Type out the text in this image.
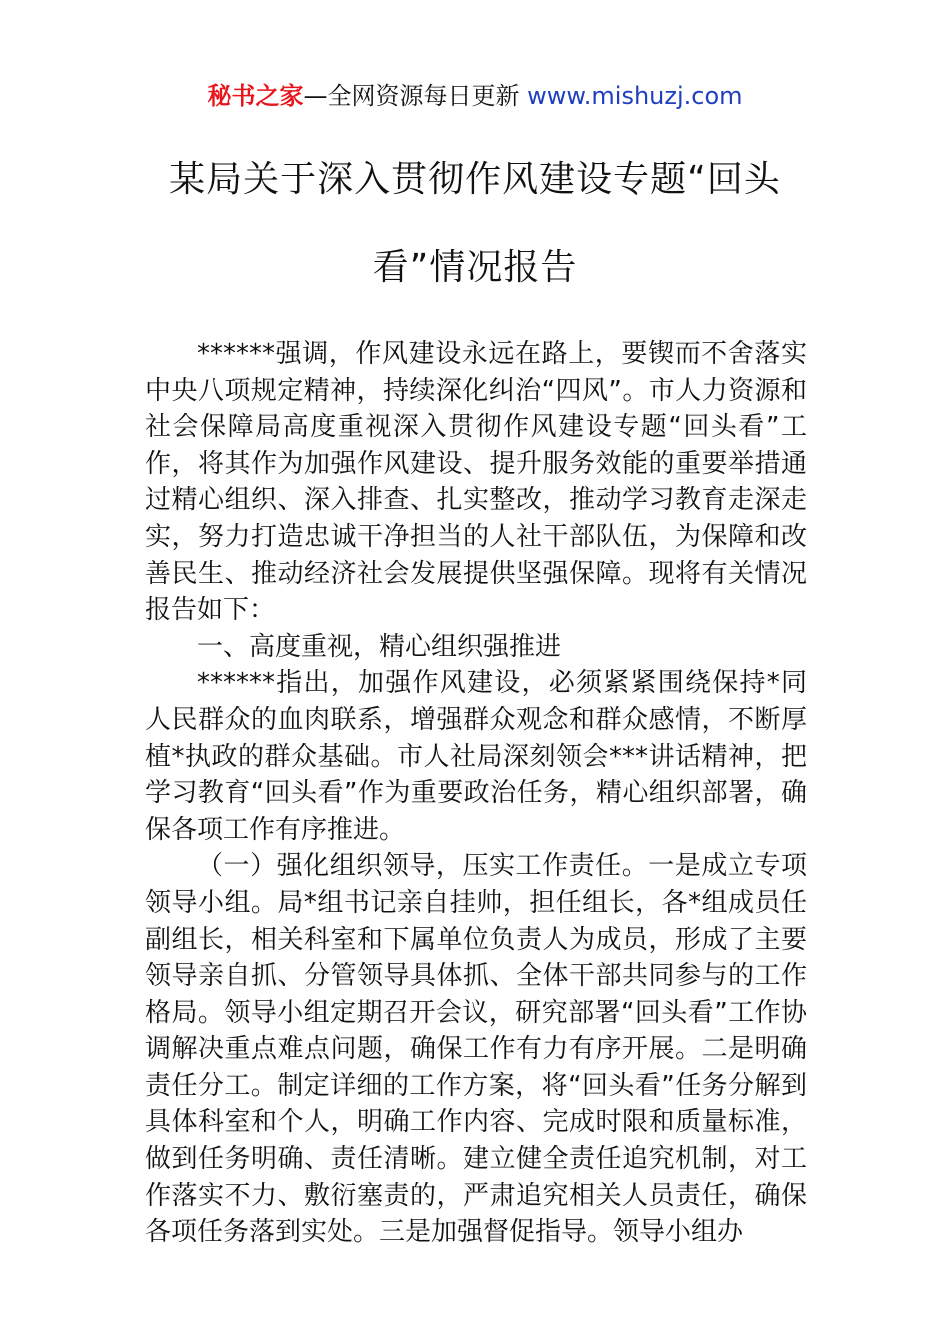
秘书之家—全网资源每日更新 www.mishuzj.com
某局关于深入贯彻作风建设专题“回头
看”情况报告

******强调，作风建设永远在路上，要锲而不舍落实中央八项规定精神，持续深化纠治“四风”。市人力资源和社会保障局高度重视深入贯彻作风建设专题“回头看”工作，将其作为加强作风建设、提升服务效能的重要举措通过精心组织、深入排查、扎实整改，推动学习教育走深走实，努力打造忠诚干净担当的人社干部队伍，为保障和改善民生、推动经济社会发展提供坚强保障。现将有关情况报告如下：

一、高度重视，精心组织强推进

******指出，加强作风建设，必须紧紧围绕保持*同人民群众的血肉联系，增强群众观念和群众感情，不断厚植*执政的群众基础。市人社局深刻领会***讲话精神，把学习教育“回头看”作为重要政治任务，精心组织部署，确保各项工作有序推进。

（一）强化组织领导，压实工作责任。一是成立专项领导小组。局*组书记亲自挂帅，担任组长，各*组成员任副组长，相关科室和下属单位负责人为成员，形成了主要领导亲自抓、分管领导具体抓、全体干部共同参与的工作格局。领导小组定期召开会议，研究部署“回头看”工作协调解决重点难点问题，确保工作有力有序开展。二是明确责任分工。制定详细的工作方案，将“回头看”任务分解到具体科室和个人，明确工作内容、完成时限和质量标准，做到任务明确、责任清晰。建立健全责任追究机制，对工作落实不力、敷衍塞责的，严肃追究相关人员责任，确保各项任务落到实处。三是加强督促指导。领导小组办
